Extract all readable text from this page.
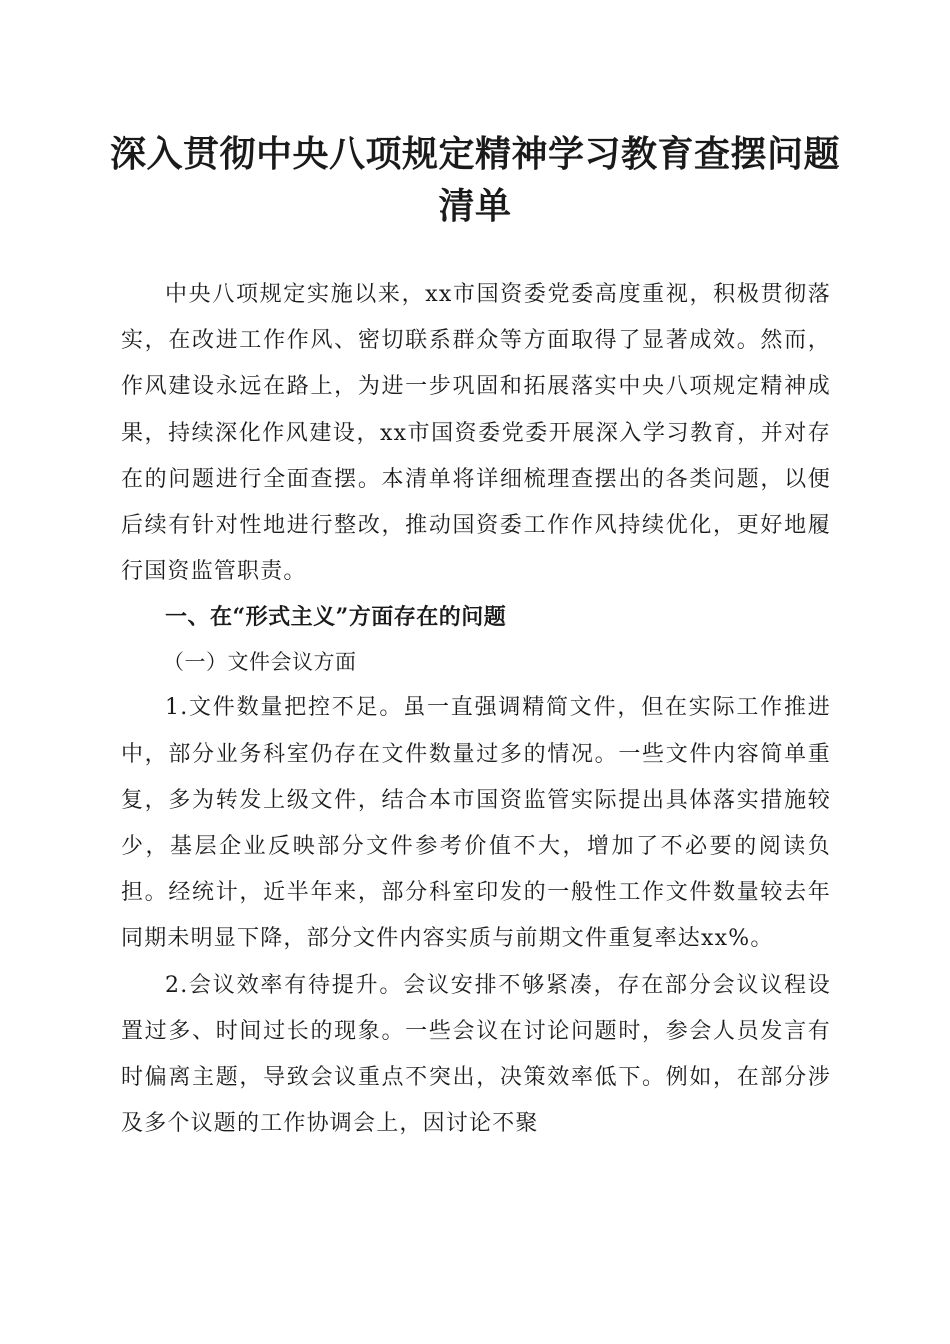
深入贯彻中央八项规定精神学习教育查摆问题
清单

中央八项规定实施以来，xx市国资委党委高度重视，积极贯彻落实，在改进工作作风、密切联系群众等方面取得了显著成效。然而，作风建设永远在路上，为进一步巩固和拓展落实中央八项规定精神成果，持续深化作风建设，xx市国资委党委开展深入学习教育，并对存在的问题进行全面查摆。本清单将详细梳理查摆出的各类问题，以便后续有针对性地进行整改，推动国资委工作作风持续优化，更好地履行国资监管职责。

一、在“形式主义”方面存在的问题

（一）文件会议方面

1.文件数量把控不足。虽一直强调精简文件，但在实际工作推进中，部分业务科室仍存在文件数量过多的情况。一些文件内容简单重复，多为转发上级文件，结合本市国资监管实际提出具体落实措施较少，基层企业反映部分文件参考价值不大，增加了不必要的阅读负担。经统计，近半年来，部分科室印发的一般性工作文件数量较去年同期未明显下降，部分文件内容实质与前期文件重复率达xx%。

2.会议效率有待提升。会议安排不够紧凑，存在部分会议议程设置过多、时间过长的现象。一些会议在讨论问题时，参会人员发言有时偏离主题，导致会议重点不突出，决策效率低下。例如，在部分涉及多个议题的工作协调会上，因讨论不聚
